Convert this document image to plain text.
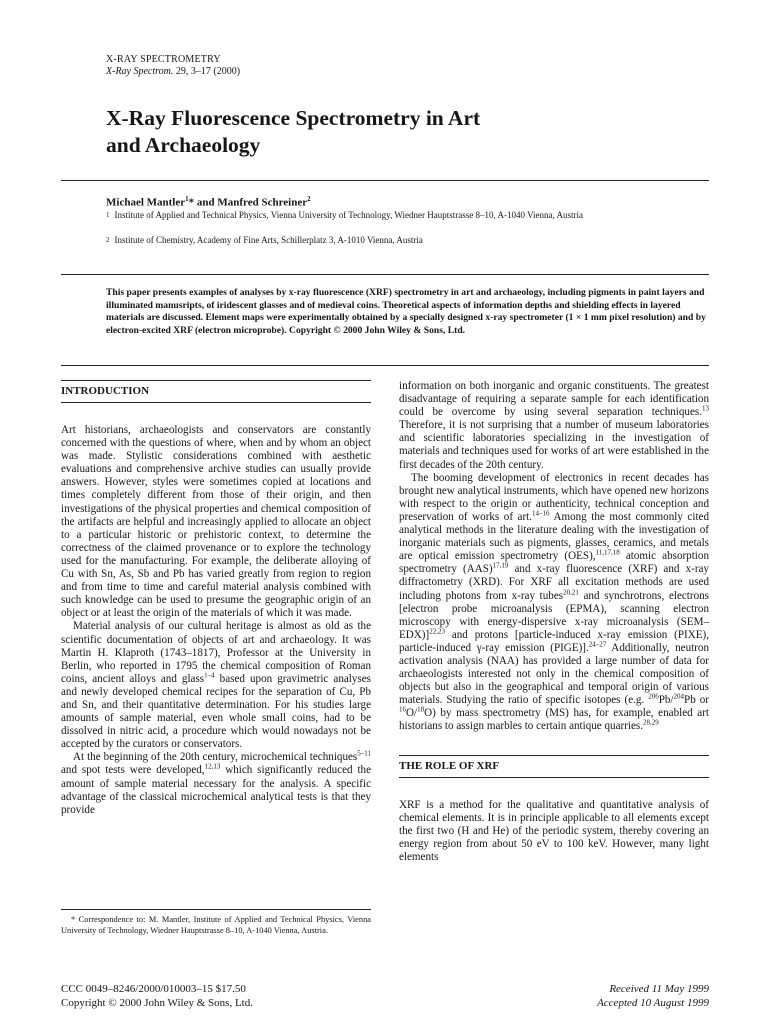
X-RAY SPECTROMETRY
X-Ray Spectrom. 29, 3–17 (2000)
X-Ray Fluorescence Spectrometry in Art
and Archaeology
Michael Mantler$^1$* and Manfred Schreiner$^2$
1 Institute of Applied and Technical Physics, Vienna University of Technology, Wiedner Hauptstrasse 8–10, A-1040 Vienna, Austria
2 Institute of Chemistry, Academy of Fine Arts, Schillerplatz 3, A-1010 Vienna, Austria
This paper presents examples of analyses by x-ray fluorescence (XRF) spectrometry in art and archaeology, including pigments in paint layers and illuminated manusripts, of iridescent glasses and of medieval coins. Theoretical aspects of information depths and shielding effects in layered materials are discussed. Element maps were experimentally obtained by a specially designed x-ray spectrometer (1 × 1 mm pixel resolution) and by electron-excited XRF (electron microprobe). Copyright © 2000 John Wiley & Sons, Ltd.
INTRODUCTION

Art historians, archaeologists and conservators are constantly concerned with the questions of where, when and by whom an object was made. Stylistic considerations combined with aesthetic evaluations and comprehensive archive studies can usually provide answers. However, styles were sometimes copied at locations and times completely different from those of their origin, and then investigations of the physical properties and chemical composition of the artifacts are helpful and increasingly applied to allocate an object to a particular historic or prehistoric context, to determine the correctness of the claimed provenance or to explore the technology used for the manufacturing. For example, the deliberate alloying of Cu with Sn, As, Sb and Pb has varied greatly from region to region and from time to time and careful material analysis combined with such knowledge can be used to presume the geographic origin of an object or at least the origin of the materials of which it was made.

Material analysis of our cultural heritage is almost as old as the scientific documentation of objects of art and archaeology. It was Martin H. Klaproth (1743–1817), Professor at the University in Berlin, who reported in 1795 the chemical composition of Roman coins, ancient alloys and glass$^{1-4}$ based upon gravimetric analyses and newly developed chemical recipes for the separation of Cu, Pb and Sn, and their quantitative determination. For his studies large amounts of sample material, even whole small coins, had to be dissolved in nitric acid, a procedure which would nowadays not be accepted by the curators or conservators.

At the beginning of the 20th century, microchemical techniques$^{5-11}$ and spot tests were developed,$^{12,13}$ which significantly reduced the amount of sample material necessary for the analysis. A specific advantage of the classical microchemical analytical tests is that they provide

* Correspondence to: M. Mantler, Institute of Applied and Technical Physics, Vienna University of Technology, Wiedner Hauptstrasse 8–10, A-1040 Vienna, Austria.

information on both inorganic and organic constituents. The greatest disadvantage of requiring a separate sample for each identification could be overcome by using several separation techniques.$^{13}$ Therefore, it is not surprising that a number of museum laboratories and scientific laboratories specializing in the investigation of materials and techniques used for works of art were established in the first decades of the 20th century.

The booming development of electronics in recent decades has brought new analytical instruments, which have opened new horizons with respect to the origin or authenticity, technical conception and preservation of works of art.$^{14-16}$ Among the most commonly cited analytical methods in the literature dealing with the investigation of inorganic materials such as pigments, glasses, ceramics, and metals are optical emission spectrometry (OES),$^{11,17,18}$ atomic absorption spectrometry (AAS)$^{17,19}$ and x-ray fluorescence (XRF) and x-ray diffractometry (XRD). For XRF all excitation methods are used including photons from x-ray tubes$^{20,21}$ and synchrotrons, electrons [electron probe microanalysis (EPMA), scanning electron microscopy with energy-dispersive x-ray microanalysis (SEM–EDX)]$^{22,23}$ and protons [particle-induced x-ray emission (PIXE), particle-induced γ-ray emission (PIGE)].$^{24-27}$ Additionally, neutron activation analysis (NAA) has provided a large number of data for archaeologists interested not only in the chemical composition of objects but also in the geographical and temporal origin of various materials. Studying the ratio of specific isotopes (e.g. $^{206}$Pb/$^{204}$Pb or $^{16}$O/$^{18}$O) by mass spectrometry (MS) has, for example, enabled art historians to assign marbles to certain antique quarries.$^{28,29}$

THE ROLE OF XRF

XRF is a method for the qualitative and quantitative analysis of chemical elements. It is in principle applicable to all elements except the first two (H and He) of the periodic system, thereby covering an energy region from about 50 eV to 100 keV. However, many light elements

CCC 0049–8246/2000/010003–15 $17.50
Copyright © 2000 John Wiley & Sons, Ltd.
Received 11 May 1999
Accepted 10 August 1999
